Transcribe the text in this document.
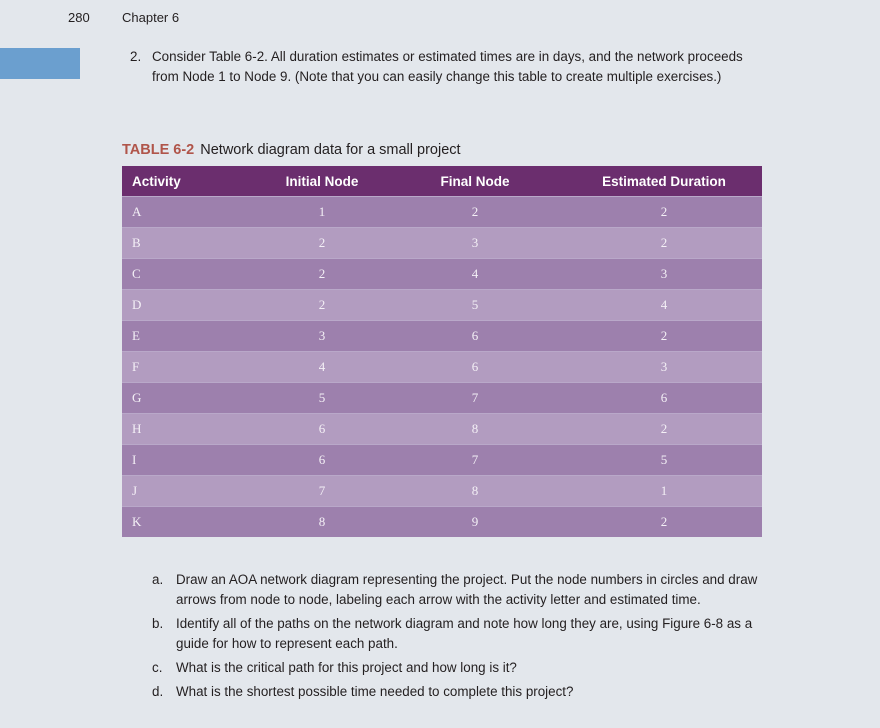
280 Chapter 6
2. Consider Table 6-2. All duration estimates or estimated times are in days, and the network proceeds from Node 1 to Node 9. (Note that you can easily change this table to create multiple exercises.)
TABLE 6-2 Network diagram data for a small project
Activity	Initial Node	Final Node	Estimated Duration
A	1	2	2
B	2	3	2
C	2	4	3
D	2	5	4
E	3	6	2
F	4	6	3
G	5	7	6
H	6	8	2
I	6	7	5
J	7	8	1
K	8	9	2
a. Draw an AOA network diagram representing the project. Put the node numbers in circles and draw arrows from node to node, labeling each arrow with the activity letter and estimated time.
b. Identify all of the paths on the network diagram and note how long they are, using Figure 6-8 as a guide for how to represent each path.
c. What is the critical path for this project and how long is it?
d. What is the shortest possible time needed to complete this project?
